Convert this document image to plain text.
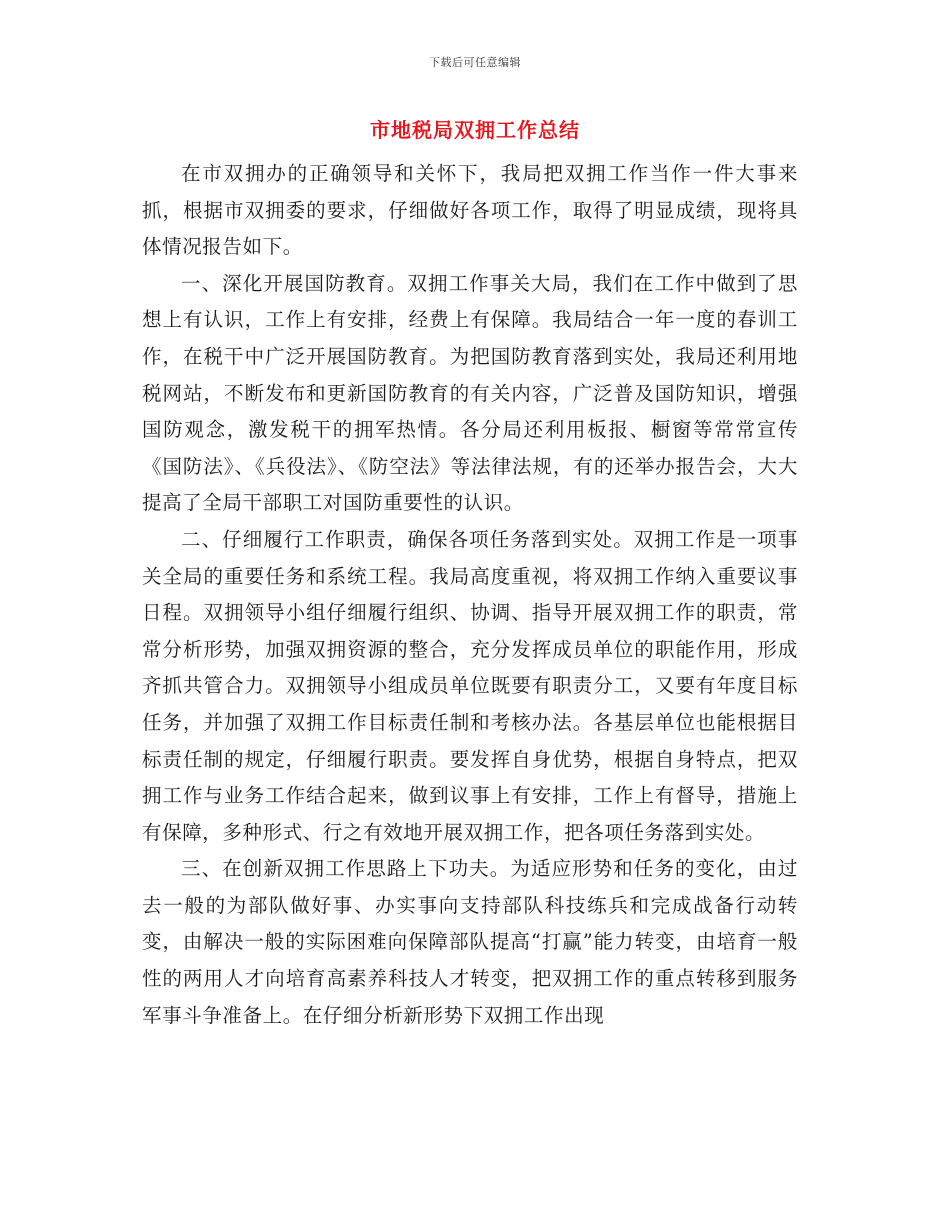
下载后可任意编辑
市地税局双拥工作总结

在市双拥办的正确领导和关怀下，我局把双拥工作当作一件大事来抓，根据市双拥委的要求，仔细做好各项工作，取得了明显成绩，现将具体情况报告如下。

一、深化开展国防教育。双拥工作事关大局，我们在工作中做到了思想上有认识，工作上有安排，经费上有保障。我局结合一年一度的春训工作，在税干中广泛开展国防教育。为把国防教育落到实处，我局还利用地税网站，不断发布和更新国防教育的有关内容，广泛普及国防知识，增强国防观念，激发税干的拥军热情。各分局还利用板报、橱窗等常常宣传《国防法》、《兵役法》、《防空法》等法律法规，有的还举办报告会，大大提高了全局干部职工对国防重要性的认识。

二、仔细履行工作职责，确保各项任务落到实处。双拥工作是一项事关全局的重要任务和系统工程。我局高度重视，将双拥工作纳入重要议事日程。双拥领导小组仔细履行组织、协调、指导开展双拥工作的职责，常常分析形势，加强双拥资源的整合，充分发挥成员单位的职能作用，形成齐抓共管合力。双拥领导小组成员单位既要有职责分工，又要有年度目标任务，并加强了双拥工作目标责任制和考核办法。各基层单位也能根据目标责任制的规定，仔细履行职责。要发挥自身优势，根据自身特点，把双拥工作与业务工作结合起来，做到议事上有安排，工作上有督导，措施上有保障，多种形式、行之有效地开展双拥工作，把各项任务落到实处。

三、在创新双拥工作思路上下功夫。为适应形势和任务的变化，由过去一般的为部队做好事、办实事向支持部队科技练兵和完成战备行动转变，由解决一般的实际困难向保障部队提高“打赢”能力转变，由培育一般性的两用人才向培育高素养科技人才转变，把双拥工作的重点转移到服务军事斗争准备上。在仔细分析新形势下双拥工作出现
